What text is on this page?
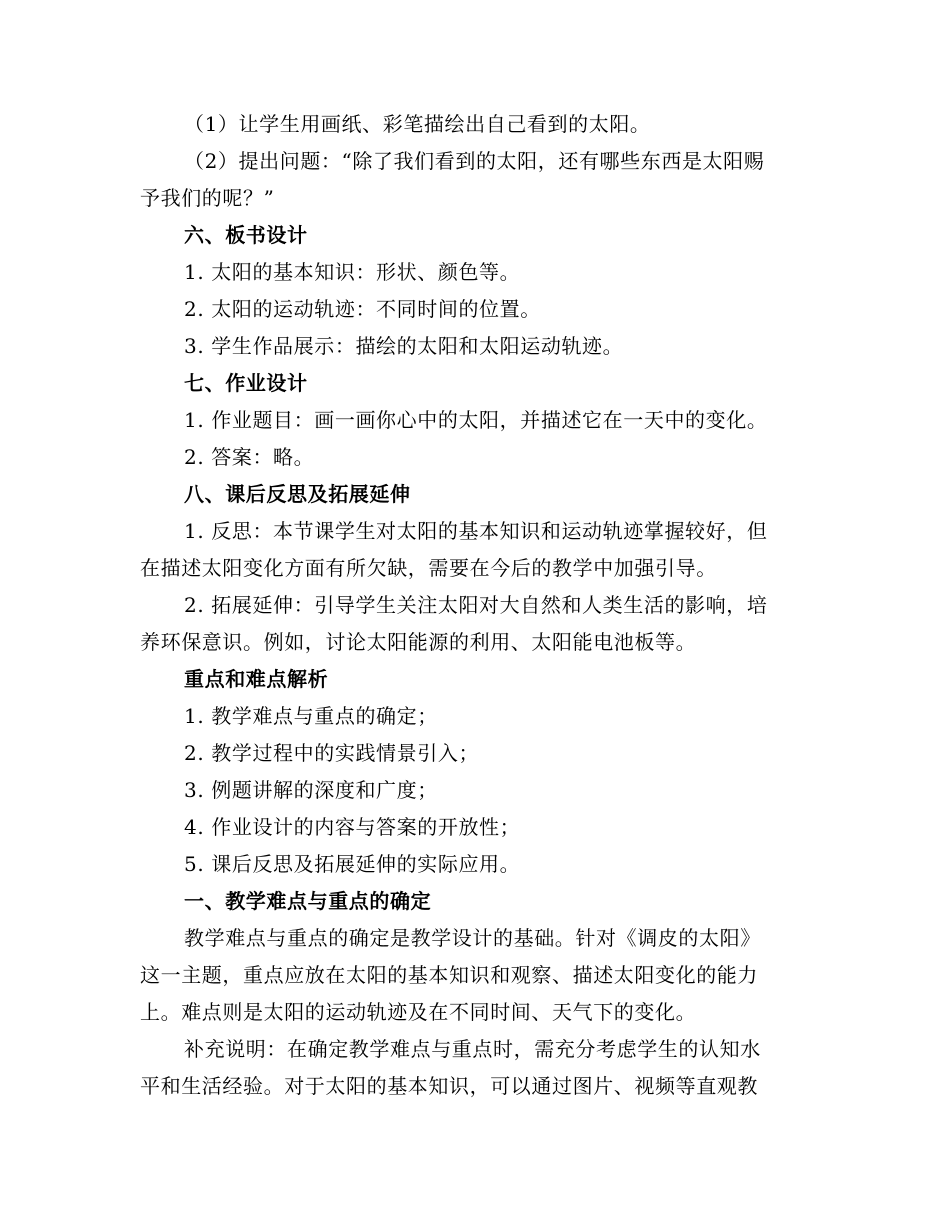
（1）让学生用画纸、彩笔描绘出自己看到的太阳。
（2）提出问题：“除了我们看到的太阳，还有哪些东西是太阳赐
予我们的呢？”
六、板书设计
1. 太阳的基本知识：形状、颜色等。
2. 太阳的运动轨迹：不同时间的位置。
3. 学生作品展示：描绘的太阳和太阳运动轨迹。
七、作业设计
1. 作业题目：画一画你心中的太阳，并描述它在一天中的变化。
2. 答案：略。
八、课后反思及拓展延伸
1. 反思：本节课学生对太阳的基本知识和运动轨迹掌握较好，但
在描述太阳变化方面有所欠缺，需要在今后的教学中加强引导。
2. 拓展延伸：引导学生关注太阳对大自然和人类生活的影响，培
养环保意识。例如，讨论太阳能源的利用、太阳能电池板等。
重点和难点解析
1. 教学难点与重点的确定；
2. 教学过程中的实践情景引入；
3. 例题讲解的深度和广度；
4. 作业设计的内容与答案的开放性；
5. 课后反思及拓展延伸的实际应用。
一、教学难点与重点的确定
教学难点与重点的确定是教学设计的基础。针对《调皮的太阳》
这一主题，重点应放在太阳的基本知识和观察、描述太阳变化的能力
上。难点则是太阳的运动轨迹及在不同时间、天气下的变化。
补充说明：在确定教学难点与重点时，需充分考虑学生的认知水
平和生活经验。对于太阳的基本知识，可以通过图片、视频等直观教
